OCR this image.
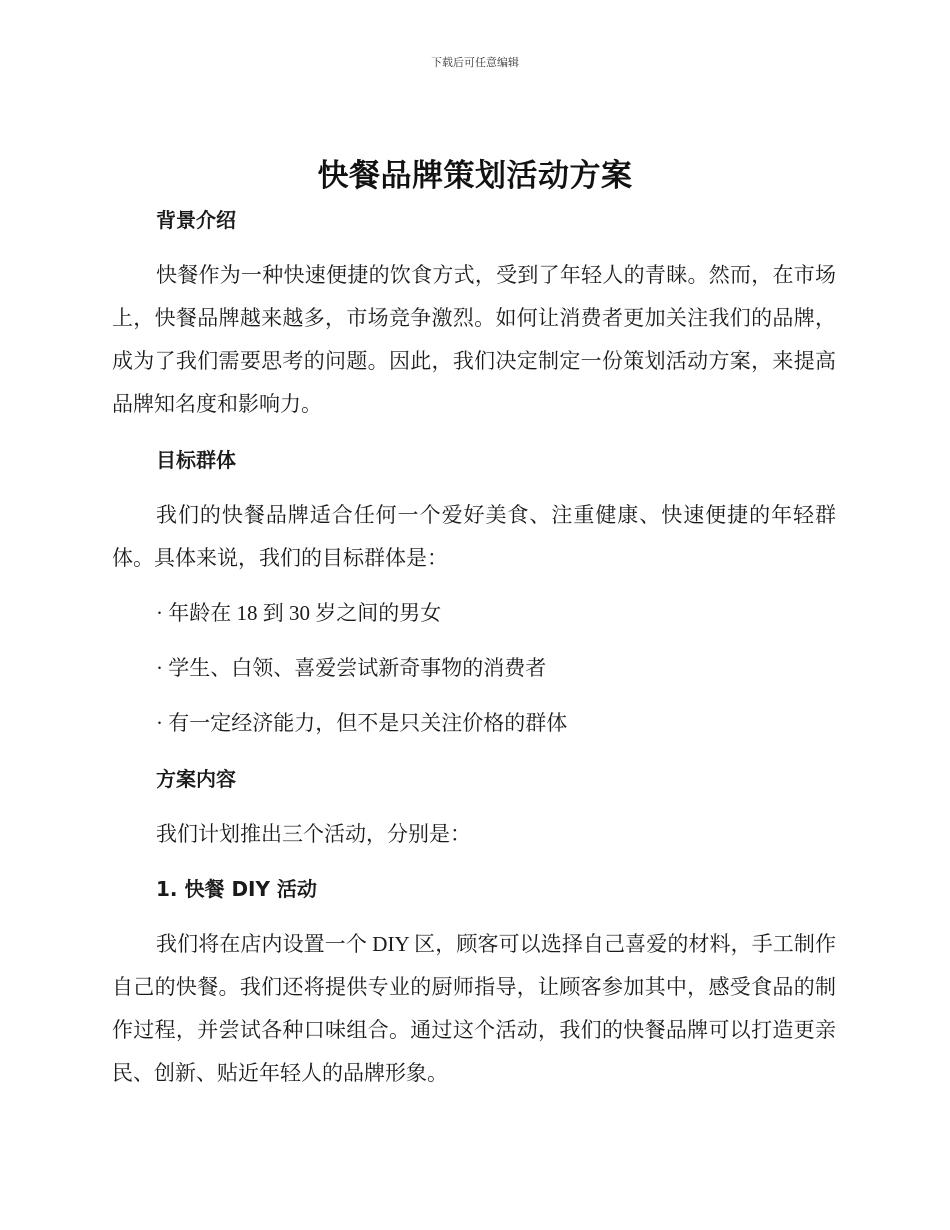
下载后可任意编辑
快餐品牌策划活动方案
背景介绍

快餐作为一种快速便捷的饮食方式，受到了年轻人的青睐。然而，在市场上，快餐品牌越来越多，市场竞争激烈。如何让消费者更加关注我们的品牌，成为了我们需要思考的问题。因此，我们决定制定一份策划活动方案，来提高品牌知名度和影响力。

目标群体

我们的快餐品牌适合任何一个爱好美食、注重健康、快速便捷的年轻群体。具体来说，我们的目标群体是：

· 年龄在 18 到 30 岁之间的男女
· 学生、白领、喜爱尝试新奇事物的消费者
· 有一定经济能力，但不是只关注价格的群体
方案内容

我们计划推出三个活动，分别是：

1. 快餐 DIY 活动

我们将在店内设置一个 DIY 区，顾客可以选择自己喜爱的材料，手工制作自己的快餐。我们还将提供专业的厨师指导，让顾客参加其中，感受食品的制作过程，并尝试各种口味组合。通过这个活动，我们的快餐品牌可以打造更亲民、创新、贴近年轻人的品牌形象。
